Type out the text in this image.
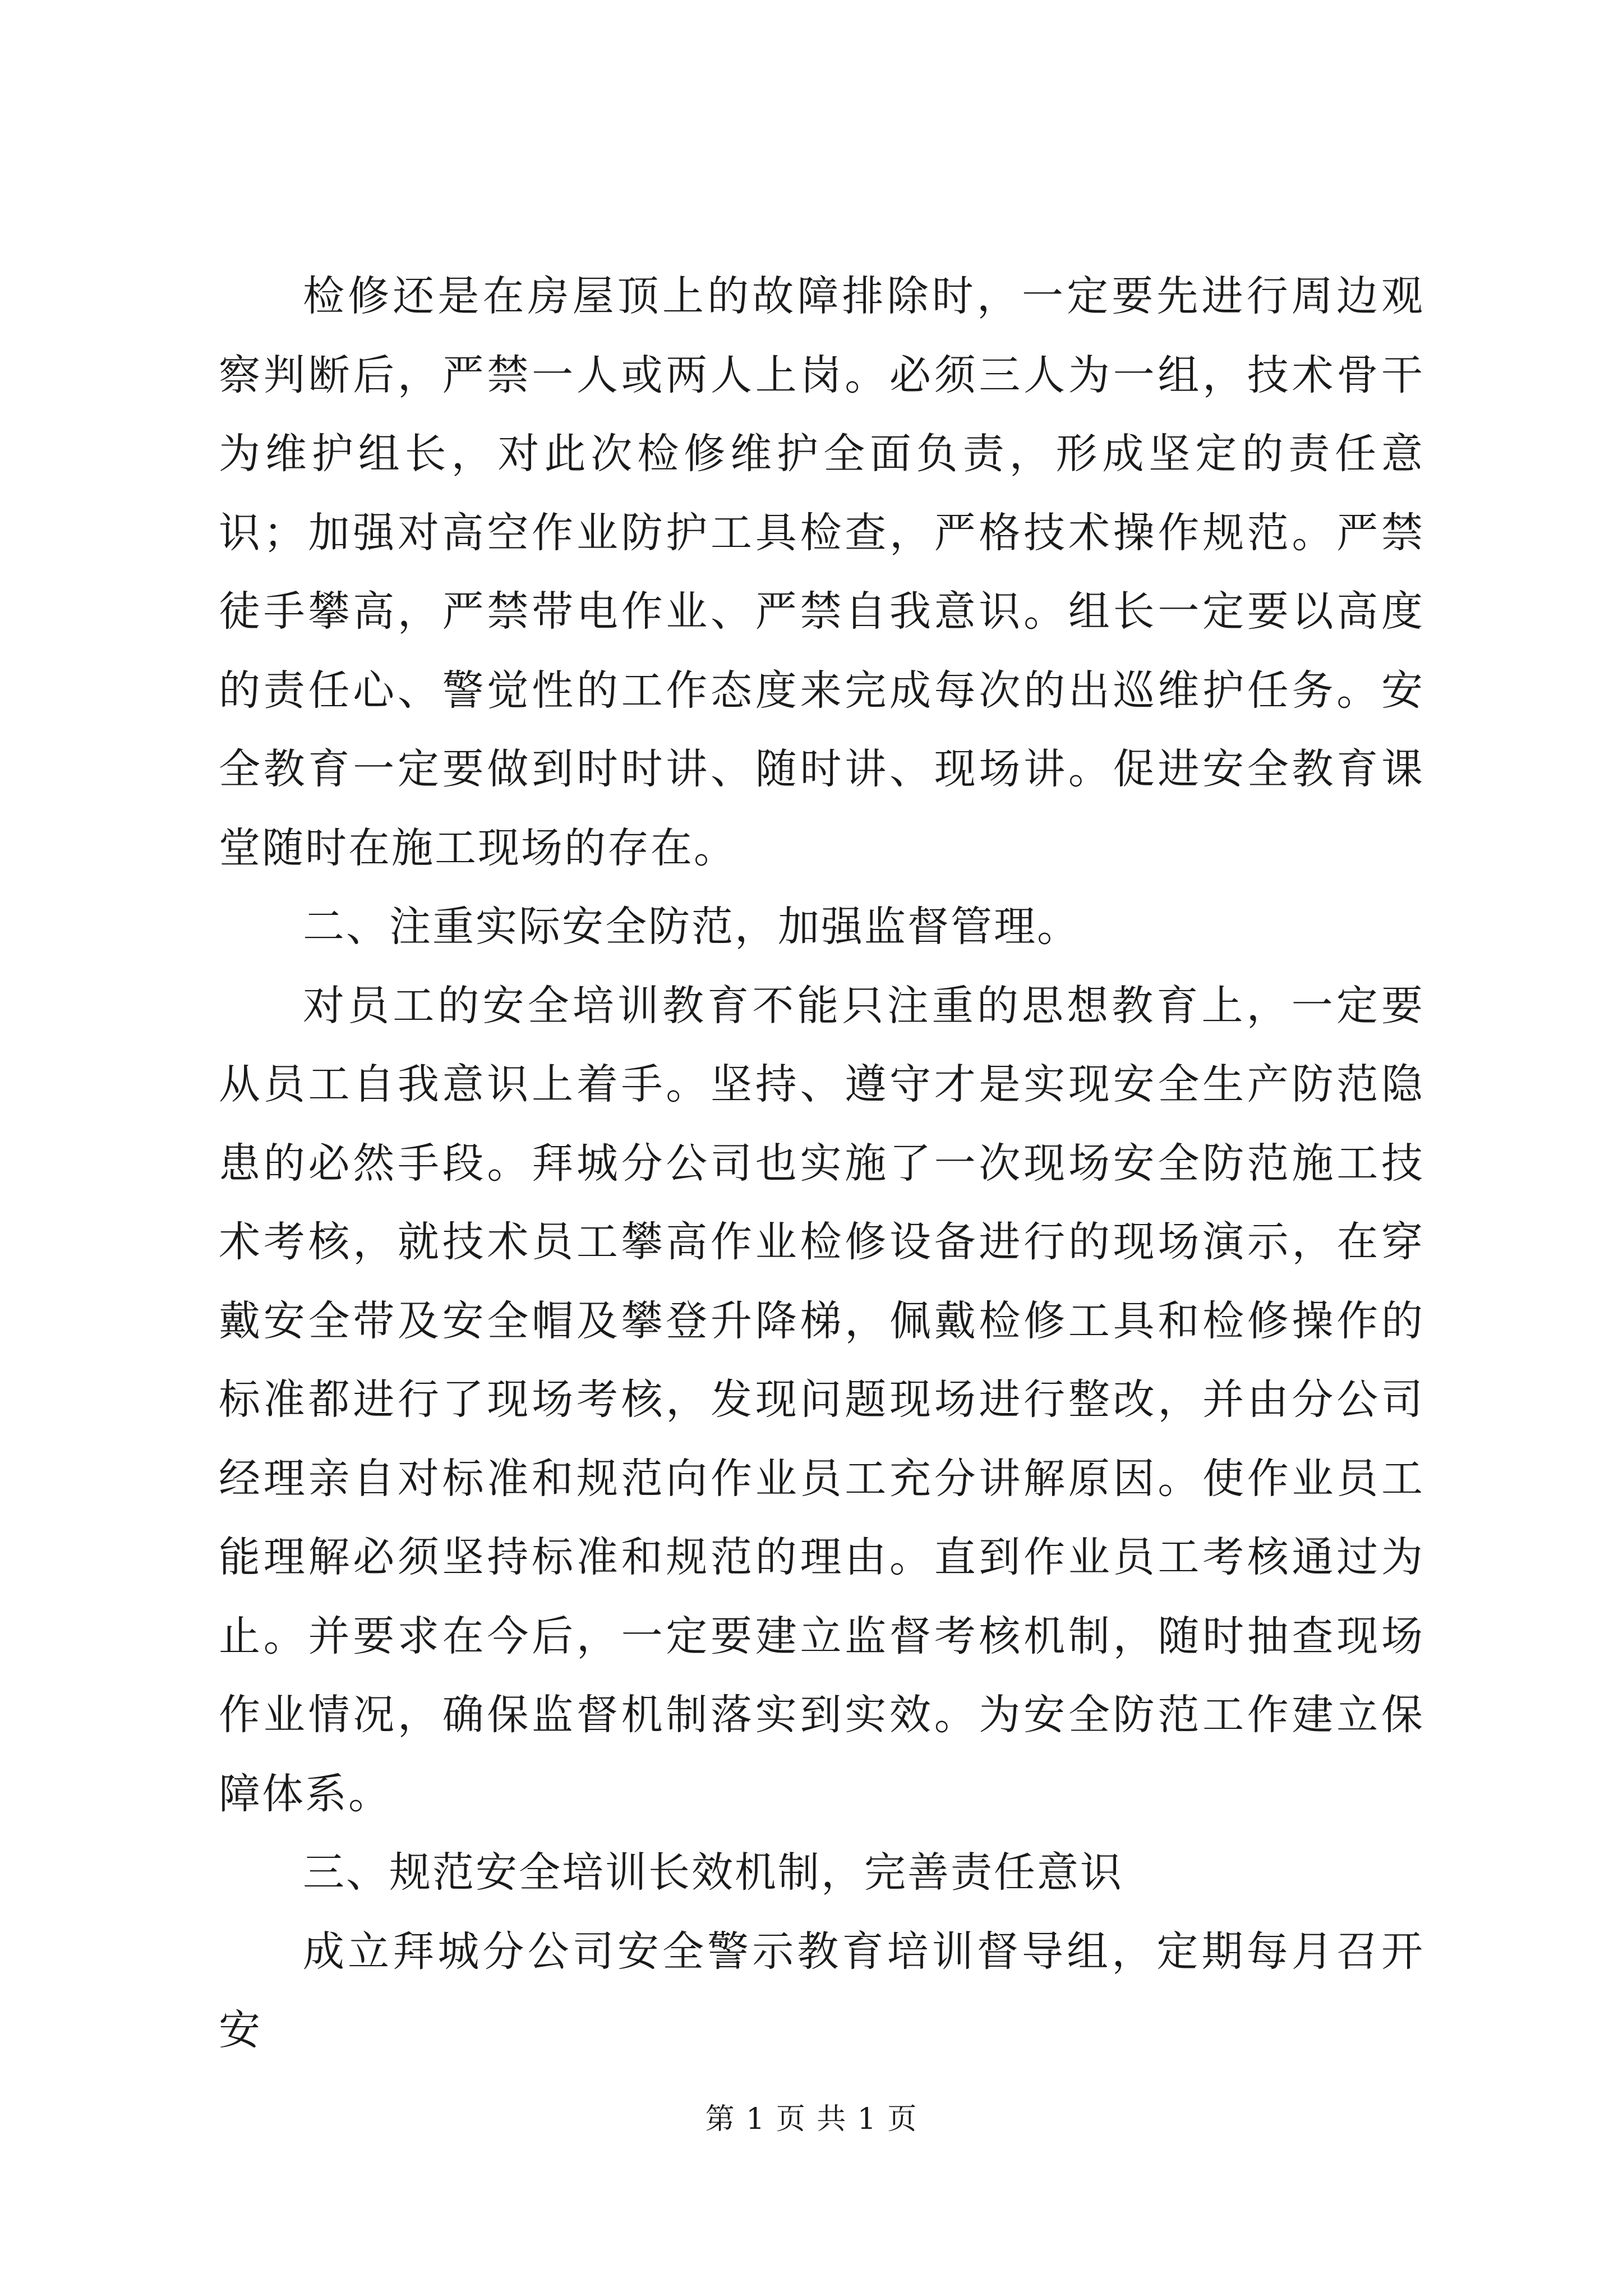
检修还是在房屋顶上的故障排除时，一定要先进行周边观察判断后，严禁一人或两人上岗。必须三人为一组，技术骨干为维护组长，对此次检修维护全面负责，形成坚定的责任意识；加强对高空作业防护工具检查，严格技术操作规范。严禁徒手攀高，严禁带电作业、严禁自我意识。组长一定要以高度的责任心、警觉性的工作态度来完成每次的出巡维护任务。安全教育一定要做到时时讲、随时讲、现场讲。促进安全教育课堂随时在施工现场的存在。

二、注重实际安全防范，加强监督管理。

对员工的安全培训教育不能只注重的思想教育上，一定要从员工自我意识上着手。坚持、遵守才是实现安全生产防范隐患的必然手段。拜城分公司也实施了一次现场安全防范施工技术考核，就技术员工攀高作业检修设备进行的现场演示，在穿戴安全带及安全帽及攀登升降梯，佩戴检修工具和检修操作的标准都进行了现场考核，发现问题现场进行整改，并由分公司经理亲自对标准和规范向作业员工充分讲解原因。使作业员工能理解必须坚持标准和规范的理由。直到作业员工考核通过为止。并要求在今后，一定要建立监督考核机制，随时抽查现场作业情况，确保监督机制落实到实效。为安全防范工作建立保障体系。

三、规范安全培训长效机制，完善责任意识

成立拜城分公司安全警示教育培训督导组，定期每月召开安

第 1 页 共 1 页
